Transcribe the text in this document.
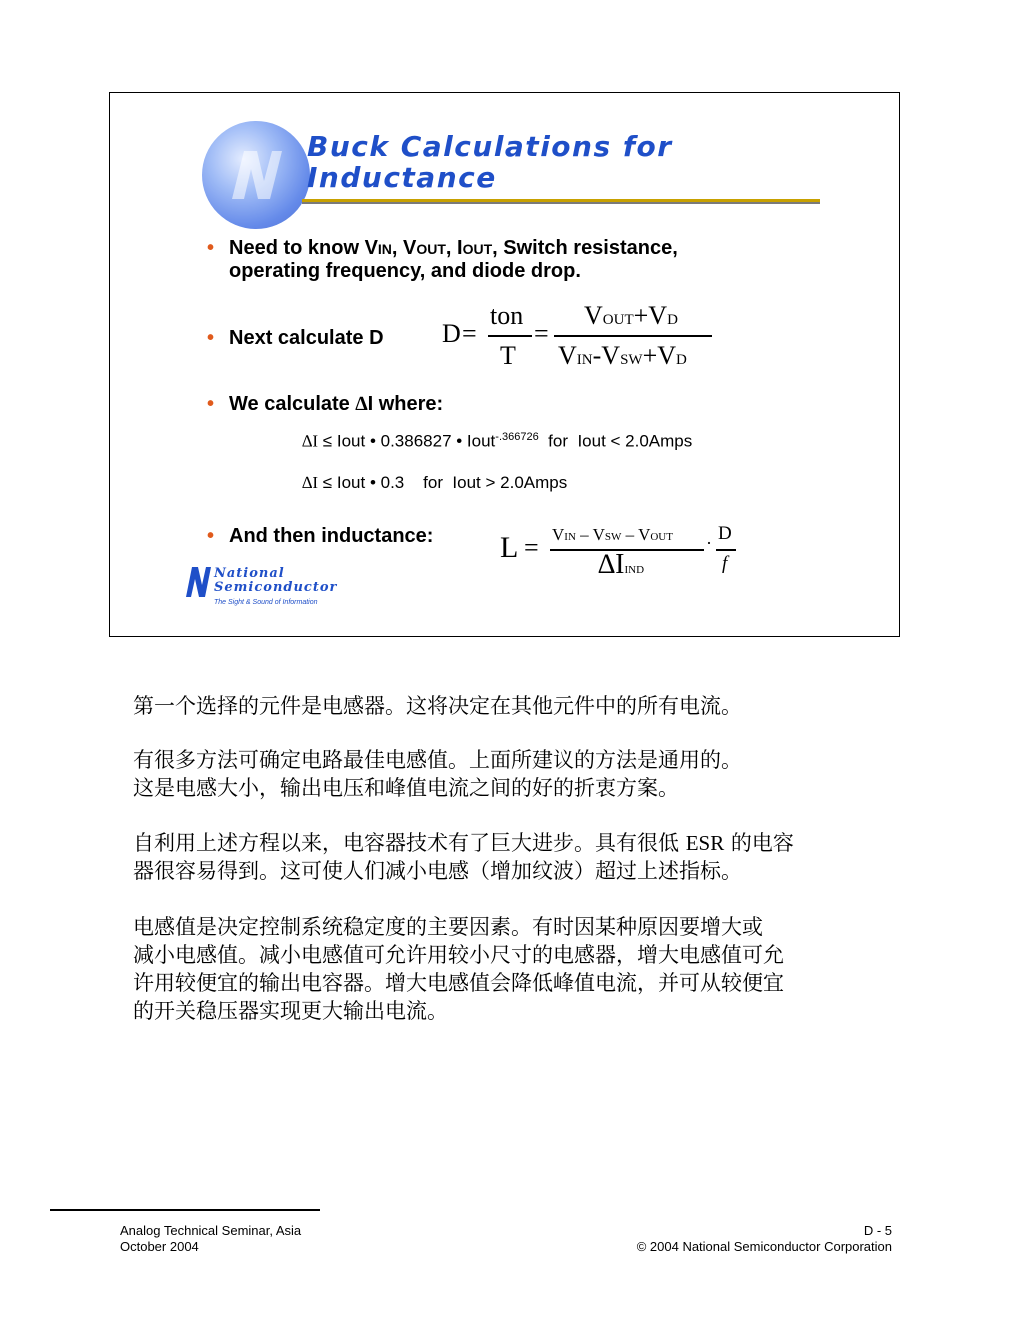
Buck Calculations for
Inductance
• Need to know VIN, VOUT, IOUT, Switch resistance,
operating frequency, and diode drop.
• Next calculate D D =
ton
T
=
VOUT+VD
VIN-VSW+VD
• We calculate ∆I where:
∆I ≤ Iout • 0.386827 • Iout$^{-.366726}$  for  Iout < 2.0Amps
∆I ≤ Iout • 0.3    for  Iout > 2.0Amps
• And then inductance: L = VIN – VSW – VOUT
∆IIND
· D
f
National
Semiconductor
The Sight & Sound of Information
第一个选择的元件是电感器。这将决定在其他元件中的所有电流。
有很多方法可确定电路最佳电感值。上面所建议的方法是通用的。
这是电感大小，输出电压和峰值电流之间的好的折衷方案。
自利用上述方程以来，电容器技术有了巨大进步。具有很低 ESR 的电容
器很容易得到。这可使人们减小电感（增加纹波）超过上述指标。
电感值是决定控制系统稳定度的主要因素。有时因某种原因要增大或
减小电感值。减小电感值可允许用较小尺寸的电感器，增大电感值可允
许用较便宜的输出电容器。增大电感值会降低峰值电流，并可从较便宜
的开关稳压器实现更大输出电流。
Analog Technical Seminar, Asia
October 2004
D - 5
© 2004 National Semiconductor Corporation
